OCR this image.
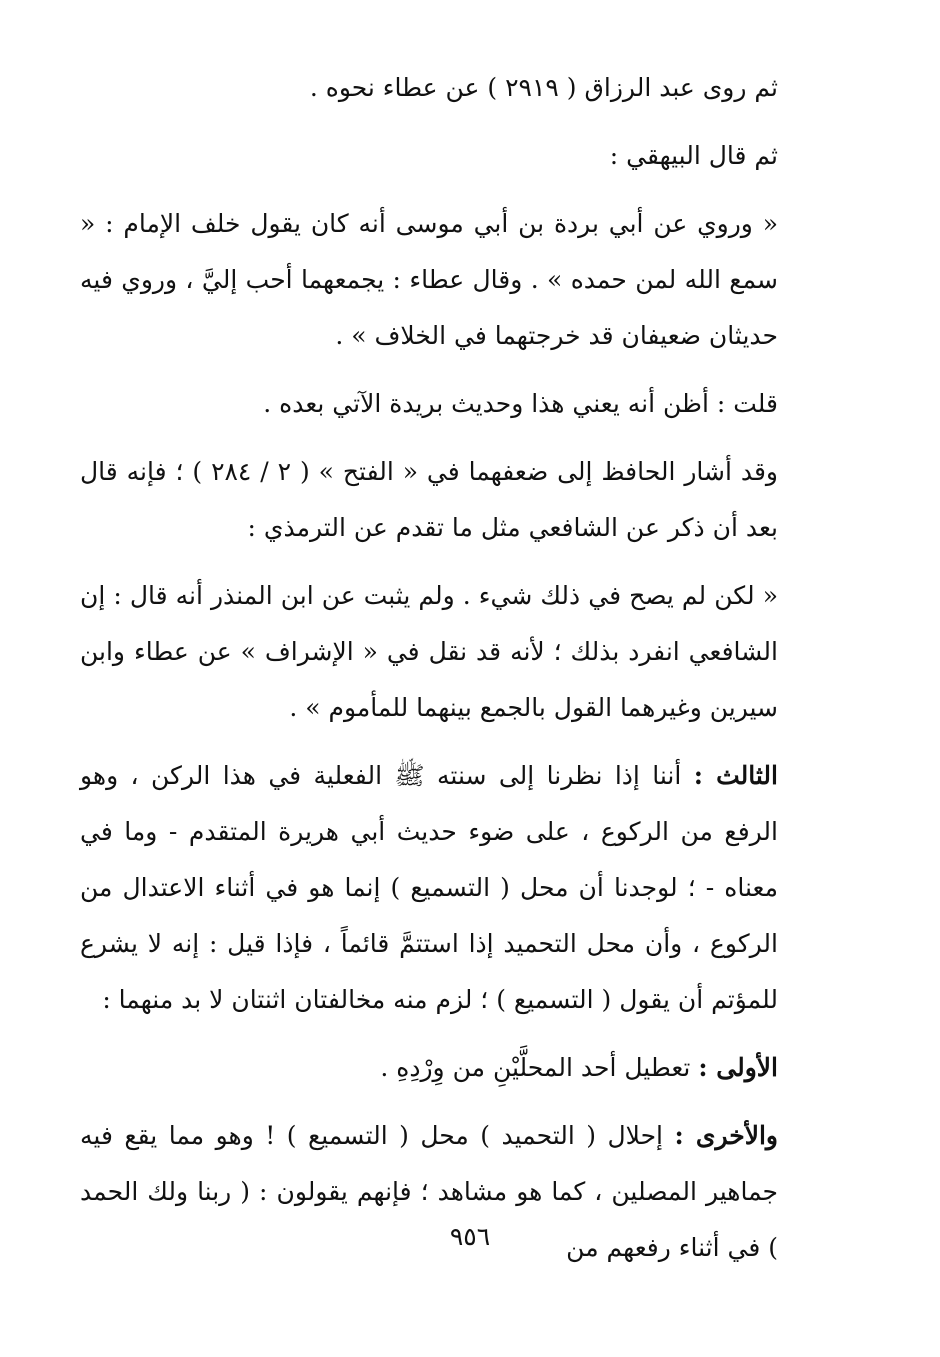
ثم روى عبد الرزاق ( ٢٩١٩ ) عن عطاء نحوه .

ثم قال البيهقي :

« وروي عن أبي بردة بن أبي موسى أنه كان يقول خلف الإمام : « سمع الله لمن حمده » . وقال عطاء : يجمعهما أحب إليَّ ، وروي فيه حديثان ضعيفان قد خرجتهما في الخلاف » .

قلت : أظن أنه يعني هذا وحديث بريدة الآتي بعده .

وقد أشار الحافظ إلى ضعفهما في « الفتح » ( ٢ / ٢٨٤ ) ؛ فإنه قال بعد أن ذكر عن الشافعي مثل ما تقدم عن الترمذي :

« لكن لم يصح في ذلك شيء . ولم يثبت عن ابن المنذر أنه قال : إن الشافعي انفرد بذلك ؛ لأنه قد نقل في « الإشراف » عن عطاء وابن سيرين وغيرهما القول بالجمع بينهما للمأموم » .

الثالث : أننا إذا نظرنا إلى سنته ﷺ الفعلية في هذا الركن ، وهو الرفع من الركوع ، على ضوء حديث أبي هريرة المتقدم - وما في معناه - ؛ لوجدنا أن محل ( التسميع ) إنما هو في أثناء الاعتدال من الركوع ، وأن محل التحميد إذا استتمَّ قائماً ، فإذا قيل : إنه لا يشرع للمؤتم أن يقول ( التسميع ) ؛ لزم منه مخالفتان اثنتان لا بد منهما :

الأولى : تعطيل أحد المحلَّيْنِ من وِرْدِهِ .

والأخرى : إحلال ( التحميد ) محل ( التسميع ) ! وهو مما يقع فيه جماهير المصلين ، كما هو مشاهد ؛ فإنهم يقولون : ( ربنا ولك الحمد ) في أثناء رفعهم من

٩٥٦
